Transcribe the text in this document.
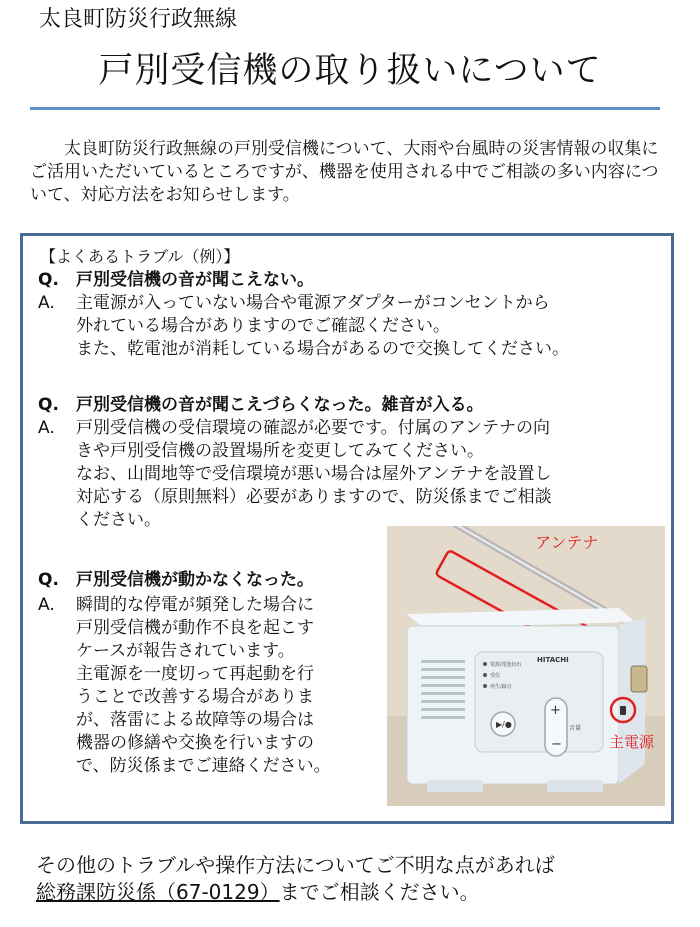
太良町防災行政無線
戸別受信機の取り扱いについて
太良町防災行政無線の戸別受信機について、大雨や台風時の災害情報の収集にご活用いただいているところですが、機器を使用される中でご相談の多い内容について、対応方法をお知らせします。
【よくあるトラブル（例）】
Q. 戸別受信機の音が聞こえない。
A. 主電源が入っていない場合や電源アダプターがコンセントから
外れている場合がありますのでご確認ください。
また、乾電池が消耗している場合があるので交換してください。
Q. 戸別受信機の音が聞こえづらくなった。雑音が入る。
A. 戸別受信機の受信環境の確認が必要です。付属のアンテナの向
きや戸別受信機の設置場所を変更してみてください。
なお、山間地等で受信環境が悪い場合は屋外アンテナを設置し
対応する（原則無料）必要がありますので、防災係までご相談
ください。
Q. 戸別受信機が動かなくなった。
A. 瞬間的な停電が頻発した場合に
戸別受信機が動作不良を起こす
ケースが報告されています。
主電源を一度切って再起動を行
うことで改善する場合がありま
が、落雷による故障等の場合は
機器の修繕や交換を行いますの
で、防災係までご連絡ください。
HITACHI
電源/電池切れ
受信
再生/録音
▶/●
+
−
音量
アンテナ
主電源
その他のトラブルや操作方法についてご不明な点があれば
総務課防災係（67-0129）までご相談ください。
